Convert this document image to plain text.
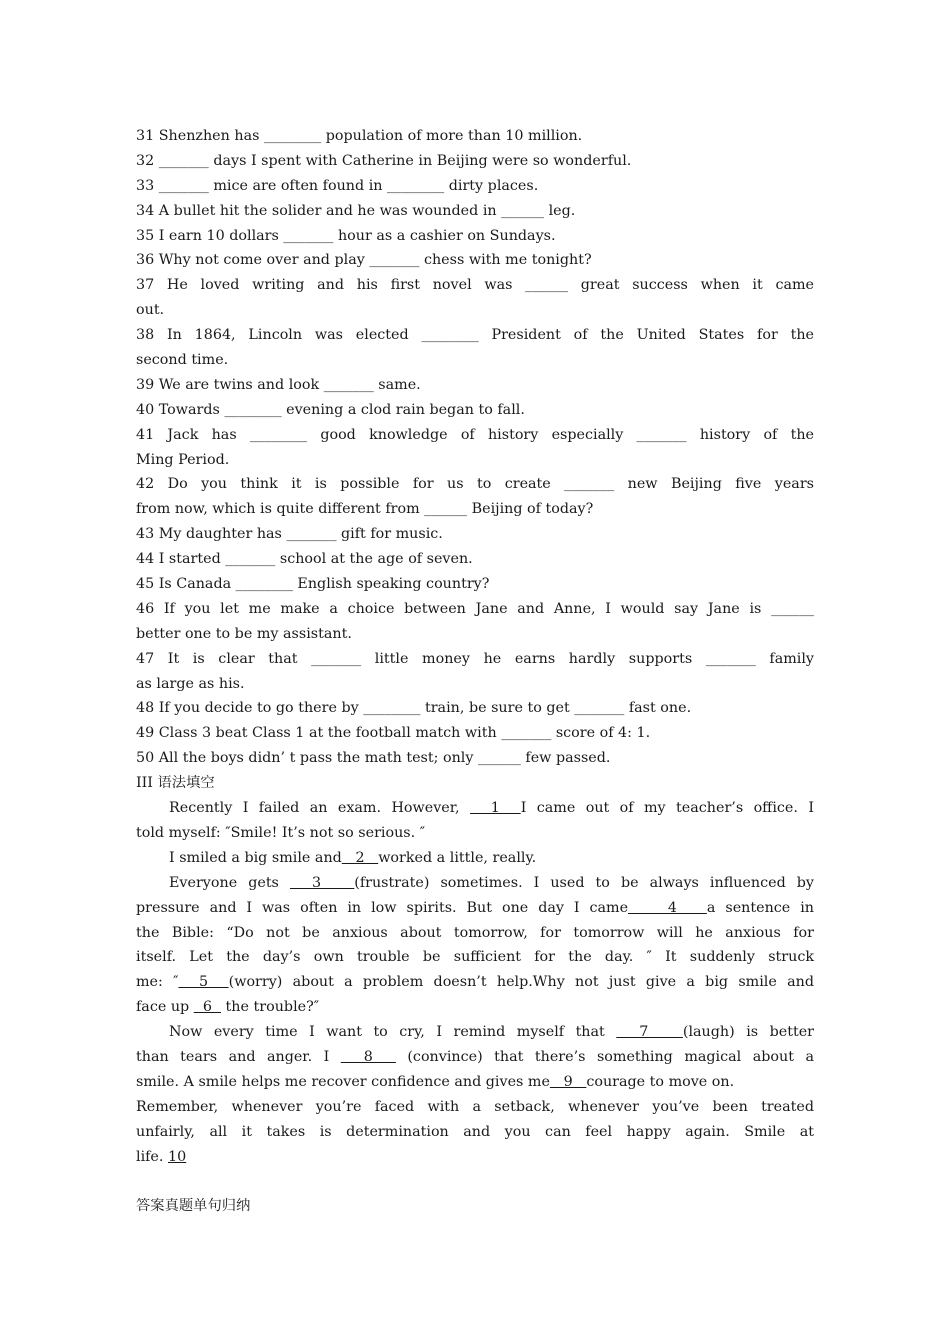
31 Shenzhen has ________ population of more than 10 million.
32 _______ days I spent with Catherine in Beijing were so wonderful.
33 _______ mice are often found in ________ dirty places.
34 A bullet hit the solider and he was wounded in ______ leg.
35 I earn 10 dollars _______ hour as a cashier on Sundays.
36 Why not come over and play _______ chess with me tonight?
37 He loved writing and his first novel was ______ great success when it came
out.
38 In 1864, Lincoln was elected ________ President of the United States for the
second time.
39 We are twins and look _______ same.
40 Towards ________ evening a clod rain began to fall.
41 Jack has ________ good knowledge of history especially _______ history of the
Ming Period.
42 Do you think it is possible for us to create _______ new Beijing five years
from now, which is quite different from ______ Beijing of today?
43 My daughter has _______ gift for music.
44 I started _______ school at the age of seven.
45 Is Canada ________ English speaking country?
46 If you let me make a choice between Jane and Anne, I would say Jane is ______
better one to be my assistant.
47 It is clear that _______ little money he earns hardly supports _______ family
as large as his.
48 If you decide to go there by ________ train, be sure to get _______ fast one.
49 Class 3 beat Class 1 at the football match with _______ score of 4: 1.
50 All the boys didn’ t pass the math test; only ______ few passed.
III 语法填空
Recently I failed an exam. However,   1  I came out of my teacher’s office. I
told myself: ″Smile! It’s not so serious. ″
I smiled a big smile and   2   worked a little, really.
Everyone gets   3   (frustrate) sometimes. I used to be always influenced by
pressure and I was often in low spirits. But one day I came    4   a sentence in
the Bible: “Do not be anxious about tomorrow, for tomorrow will he anxious for
itself. Let the day’s own trouble be sufficient for the day. ″ It suddenly struck
me: ″  5  (worry) about a problem doesn’t help.Why not just give a big smile and
face up   6   the trouble?″
Now every time I want to cry, I remind myself that   7   (laugh) is better
than tears and anger. I   8   (convince) that there’s something magical about a
smile. A smile helps me recover confidence and gives me   9   courage to move on.
Remember, whenever you’re faced with a setback, whenever you’ve been treated
unfairly, all it takes is determination and you can feel happy again. Smile at
life. 10
答案真题单句归纳
